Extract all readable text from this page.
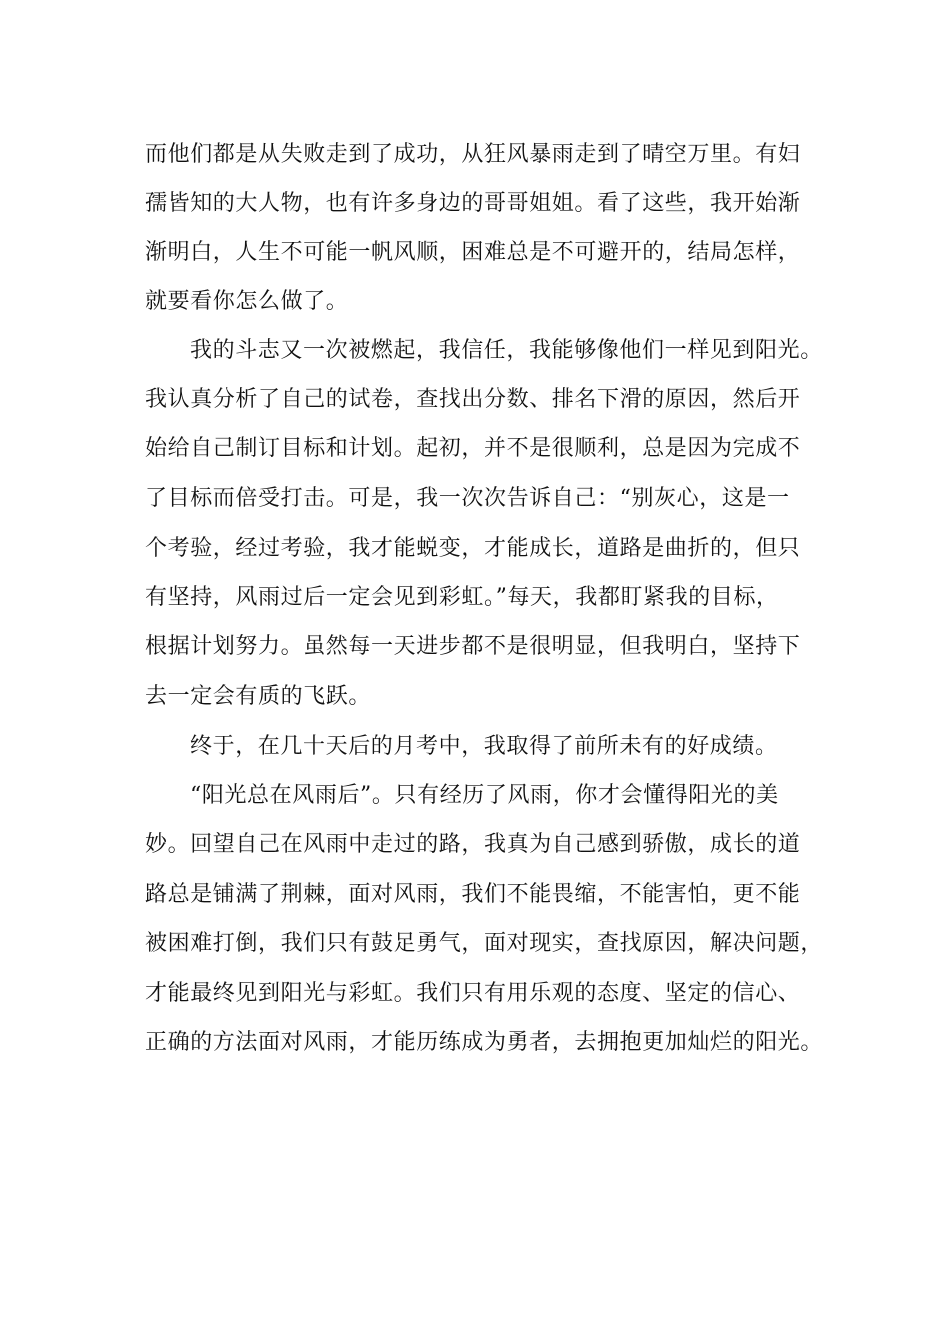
而他们都是从失败走到了成功，从狂风暴雨走到了晴空万里。有妇

孺皆知的大人物，也有许多身边的哥哥姐姐。看了这些，我开始渐

渐明白，人生不可能一帆风顺，困难总是不可避开的，结局怎样，

就要看你怎么做了。

我的斗志又一次被燃起，我信任，我能够像他们一样见到阳光。

我认真分析了自己的试卷，查找出分数、排名下滑的原因，然后开

始给自己制订目标和计划。起初，并不是很顺利，总是因为完成不

了目标而倍受打击。可是，我一次次告诉自己：“别灰心，这是一

个考验，经过考验，我才能蜕变，才能成长，道路是曲折的，但只

有坚持，风雨过后一定会见到彩虹。”每天，我都盯紧我的目标，

根据计划努力。虽然每一天进步都不是很明显，但我明白，坚持下

去一定会有质的飞跃。

终于，在几十天后的月考中，我取得了前所未有的好成绩。

“阳光总在风雨后”。只有经历了风雨，你才会懂得阳光的美

妙。回望自己在风雨中走过的路，我真为自己感到骄傲，成长的道

路总是铺满了荆棘，面对风雨，我们不能畏缩，不能害怕，更不能

被困难打倒，我们只有鼓足勇气，面对现实，查找原因，解决问题，

才能最终见到阳光与彩虹。我们只有用乐观的态度、坚定的信心、

正确的方法面对风雨，才能历练成为勇者，去拥抱更加灿烂的阳光。
